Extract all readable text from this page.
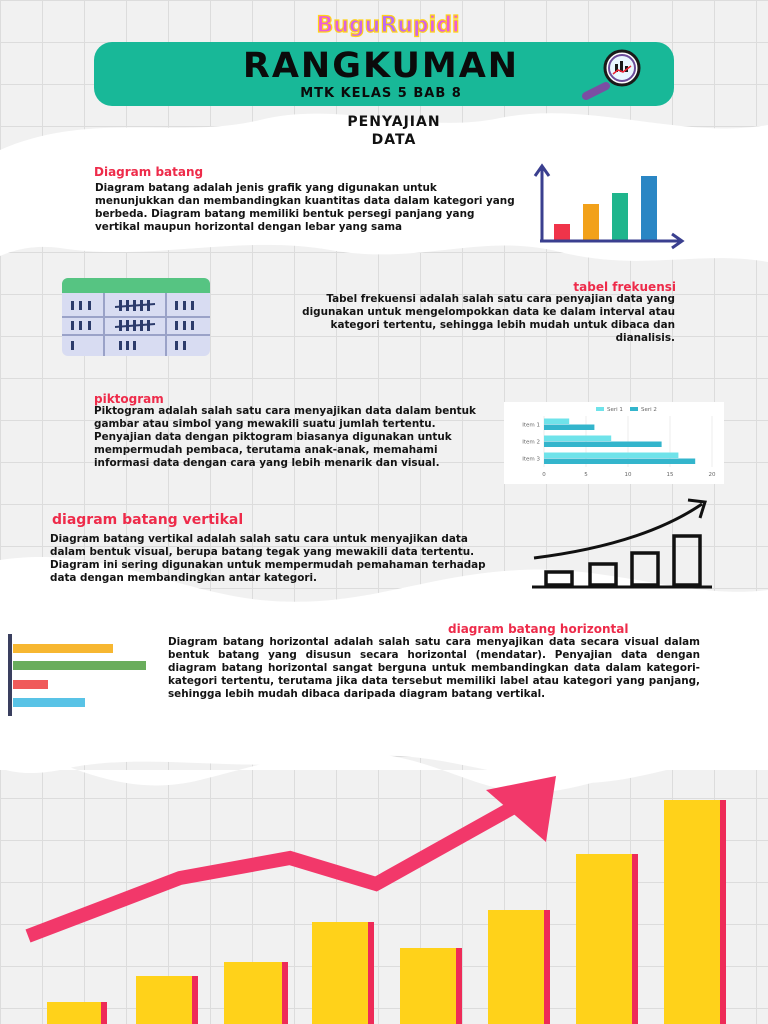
BuguRupidi
RANGKUMAN
MTK KELAS 5 BAB 8
PENYAJIAN
DATA
Diagram batang
Diagram batang adalah jenis grafik yang digunakan untuk menunjukkan dan membandingkan kuantitas data dalam kategori yang berbeda. Diagram batang memiliki bentuk persegi panjang yang vertikal maupun horizontal dengan lebar yang sama
tabel frekuensi
Tabel frekuensi adalah salah satu cara penyajian data yang digunakan untuk mengelompokkan data ke dalam interval atau kategori tertentu, sehingga lebih mudah untuk dibaca dan dianalisis.
piktogram
Piktogram adalah salah satu cara menyajikan data dalam bentuk gambar atau simbol yang mewakili suatu jumlah tertentu. Penyajian data dengan piktogram biasanya digunakan untuk mempermudah pembaca, terutama anak-anak, memahami informasi data dengan cara yang lebih menarik dan visual.
0	5	10	15	20
Item 1
Item 2
Item 3
Seri 1	Seri 2
diagram batang vertikal
Diagram batang vertikal adalah salah satu cara untuk menyajikan data dalam bentuk visual, berupa batang tegak yang mewakili data tertentu. Diagram ini sering digunakan untuk mempermudah pemahaman terhadap data dengan membandingkan antar kategori.
diagram batang horizontal
Diagram batang horizontal adalah salah satu cara menyajikan data secara visual dalam bentuk batang yang disusun secara horizontal (mendatar). Penyajian data dengan diagram batang horizontal sangat berguna untuk membandingkan data dalam kategori-kategori tertentu, terutama jika data tersebut memiliki label atau kategori yang panjang, sehingga lebih mudah dibaca daripada diagram batang vertikal.
